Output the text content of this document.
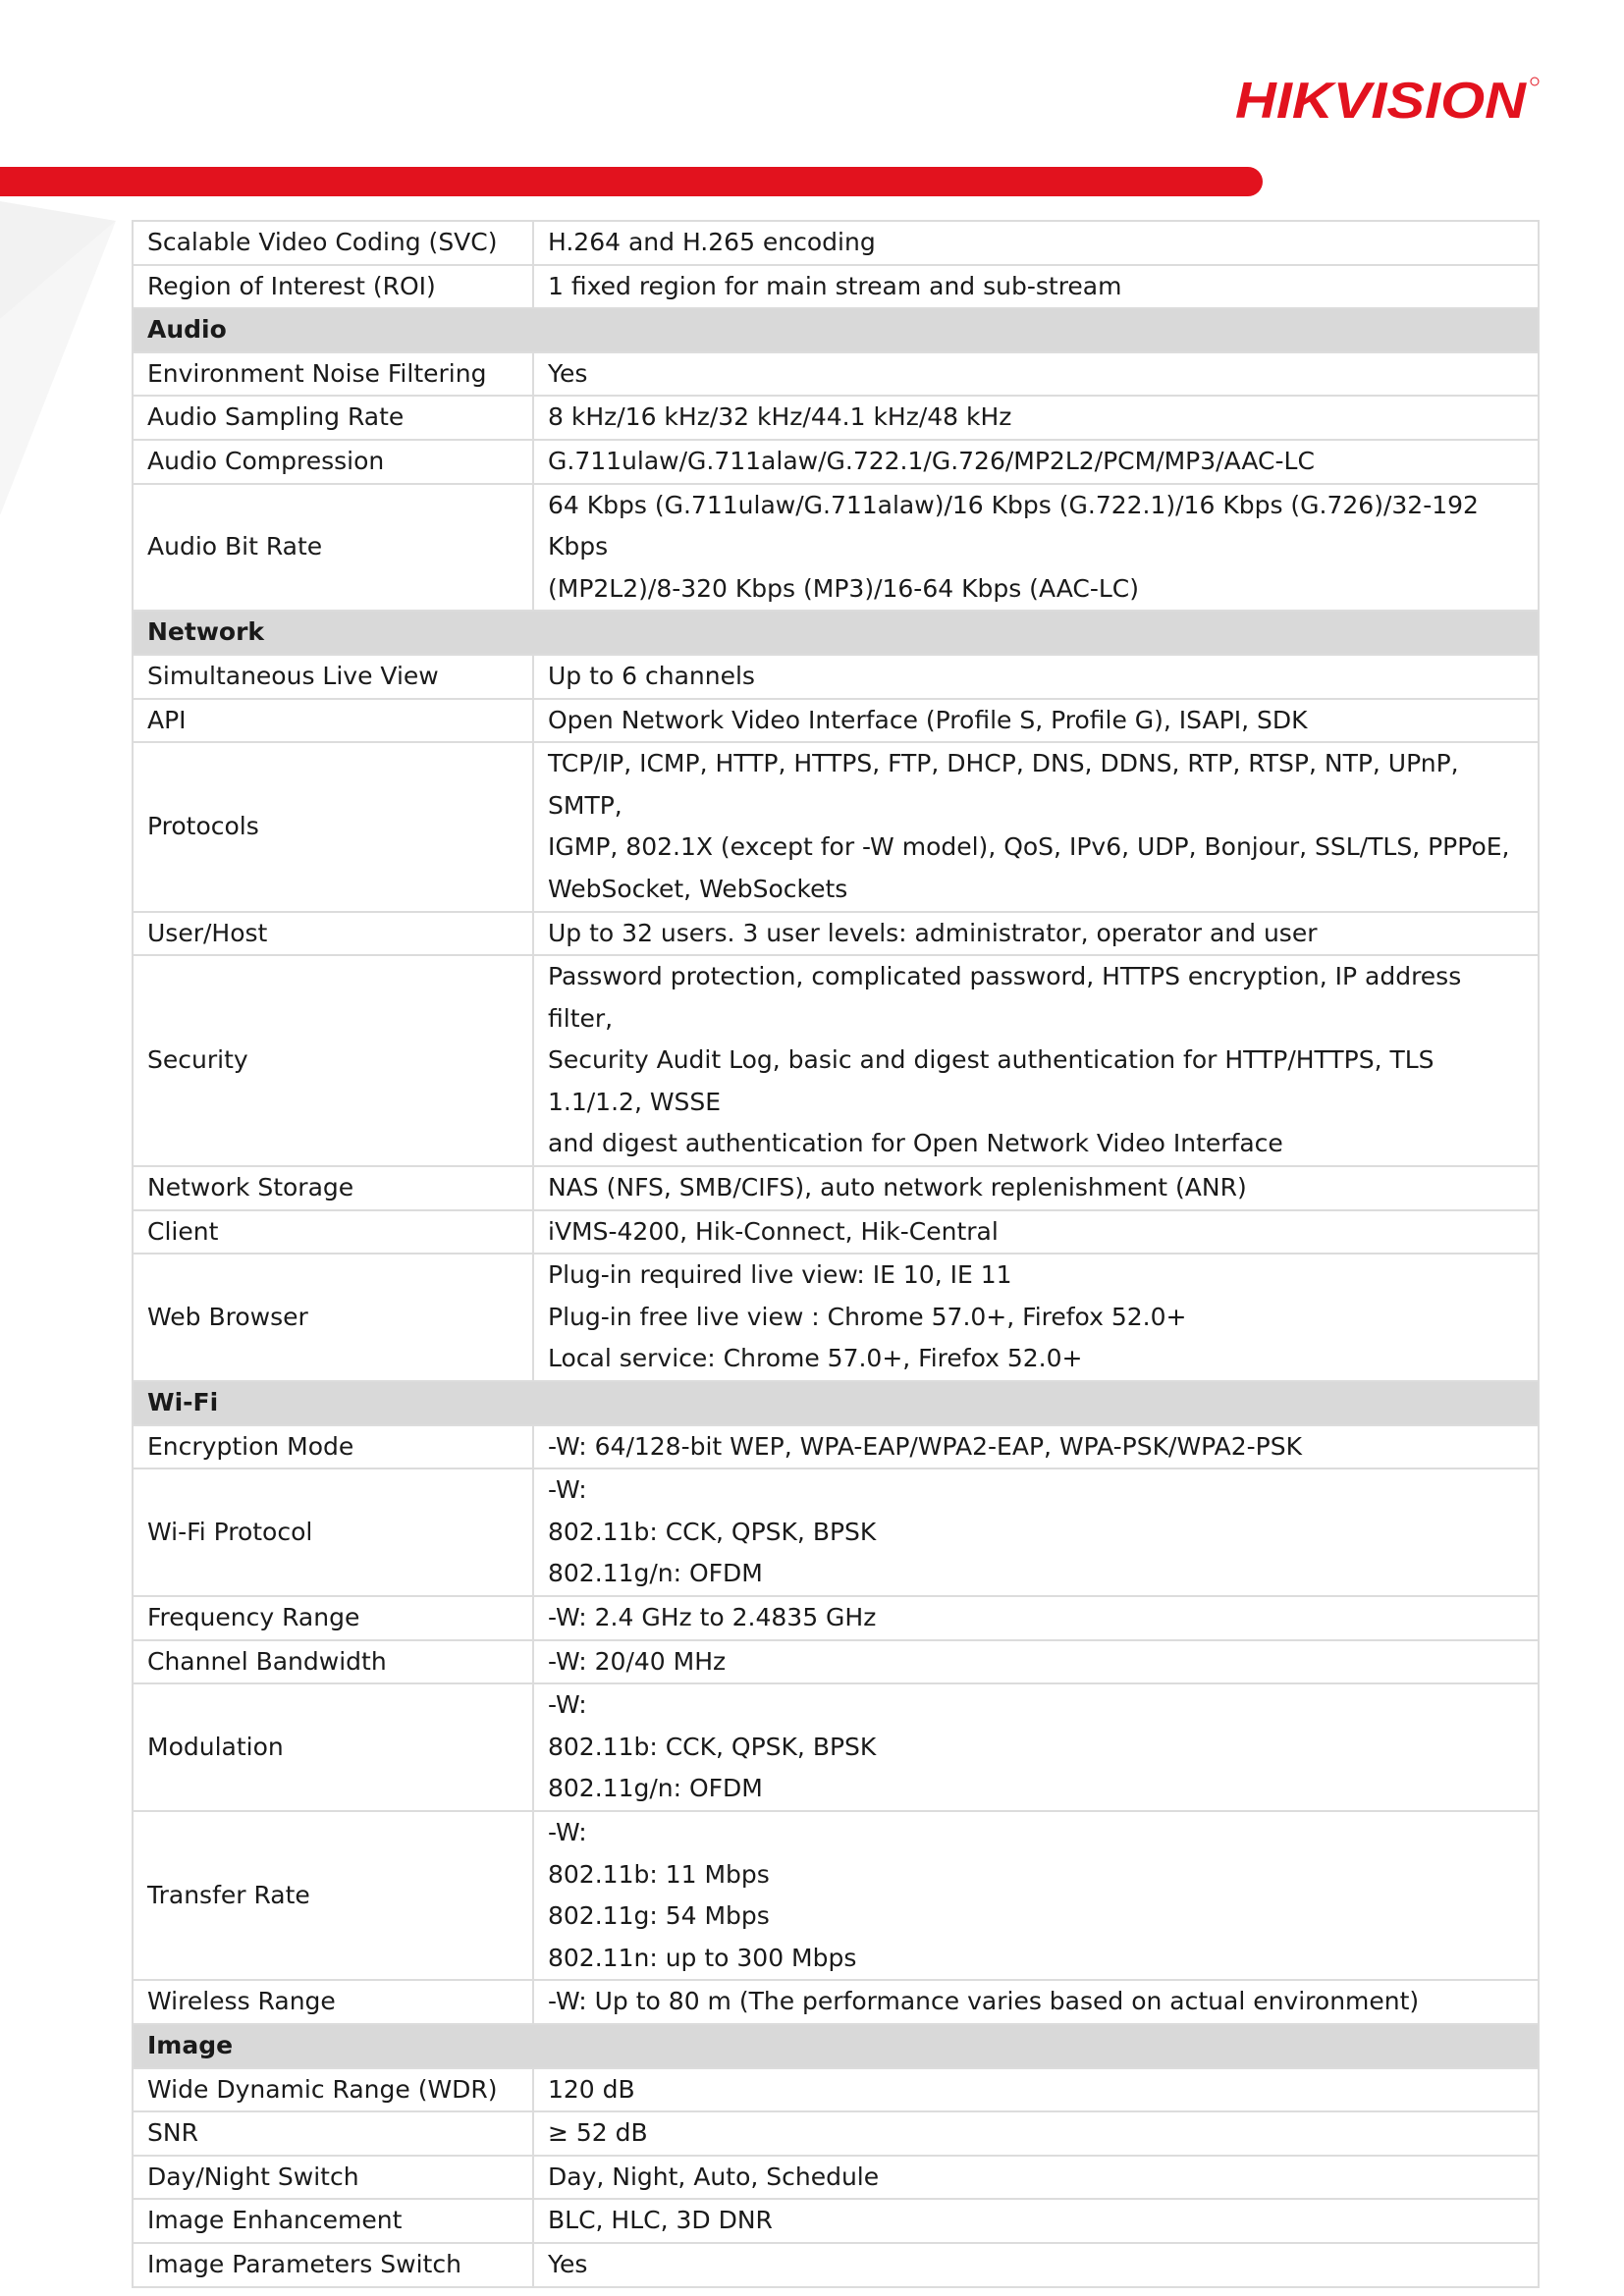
HIKVISION
Scalable Video Coding (SVC)	H.264 and H.265 encoding

Region of Interest (ROI)	1 fixed region for main stream and sub-stream

Audio	
Environment Noise Filtering	Yes

Audio Sampling Rate	8 kHz/16 kHz/32 kHz/44.1 kHz/48 kHz

Audio Compression	G.711ulaw/G.711alaw/G.722.1/G.726/MP2L2/PCM/MP3/AAC-LC

Audio Bit Rate	64 Kbps (G.711ulaw/G.711alaw)/16 Kbps (G.722.1)/16 Kbps (G.726)/32-192 Kbps
(MP2L2)/8-320 Kbps (MP3)/16-64 Kbps (AAC-LC)

Network	
Simultaneous Live View	Up to 6 channels

API	Open Network Video Interface (Profile S, Profile G), ISAPI, SDK

Protocols	TCP/IP, ICMP, HTTP, HTTPS, FTP, DHCP, DNS, DDNS, RTP, RTSP, NTP, UPnP, SMTP,
IGMP, 802.1X (except for -W model), QoS, IPv6, UDP, Bonjour, SSL/TLS, PPPoE,
WebSocket, WebSockets

User/Host	Up to 32 users. 3 user levels: administrator, operator and user

Security	Password protection, complicated password, HTTPS encryption, IP address filter,
Security Audit Log, basic and digest authentication for HTTP/HTTPS, TLS 1.1/1.2, WSSE
and digest authentication for Open Network Video Interface

Network Storage	NAS (NFS, SMB/CIFS), auto network replenishment (ANR)

Client	iVMS-4200, Hik-Connect, Hik-Central

Web Browser	Plug-in required live view: IE 10, IE 11
Plug-in free live view : Chrome 57.0+, Firefox 52.0+
Local service: Chrome 57.0+, Firefox 52.0+

Wi-Fi	
Encryption Mode	-W: 64/128-bit WEP, WPA-EAP/WPA2-EAP, WPA-PSK/WPA2-PSK

Wi-Fi Protocol	-W:
802.11b: CCK, QPSK, BPSK
802.11g/n: OFDM

Frequency Range	-W: 2.4 GHz to 2.4835 GHz

Channel Bandwidth	-W: 20/40 MHz

Modulation	-W:
802.11b: CCK, QPSK, BPSK
802.11g/n: OFDM

Transfer Rate	-W:
802.11b: 11 Mbps
802.11g: 54 Mbps
802.11n: up to 300 Mbps

Wireless Range	-W: Up to 80 m (The performance varies based on actual environment)

Image	
Wide Dynamic Range (WDR)	120 dB

SNR	≥ 52 dB

Day/Night Switch	Day, Night, Auto, Schedule

Image Enhancement	BLC, HLC, 3D DNR

Image Parameters Switch	Yes
